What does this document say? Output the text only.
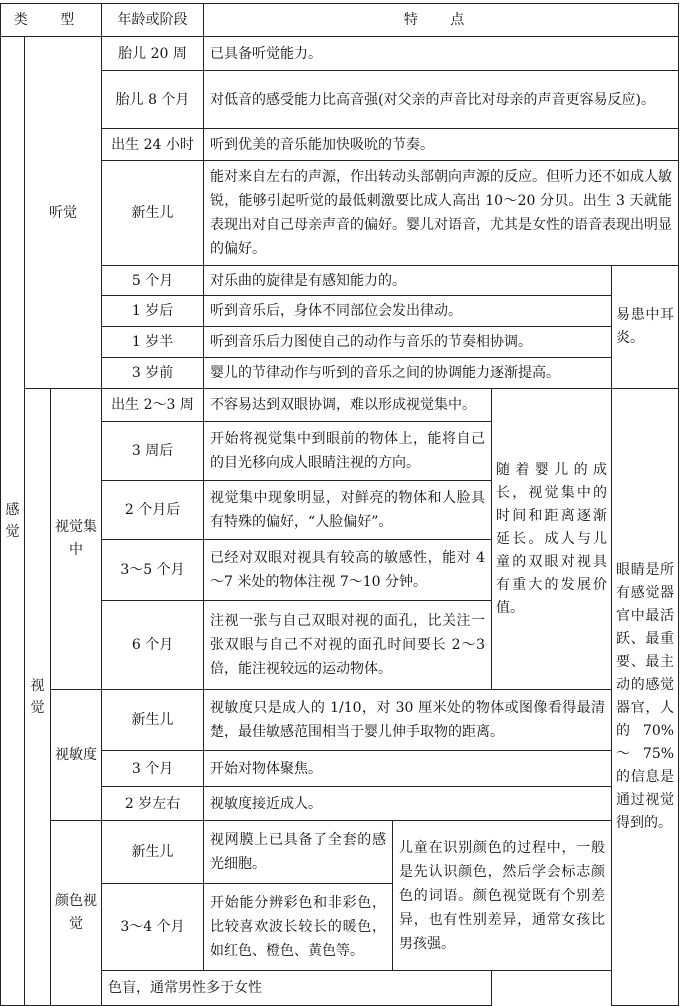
类 型			年龄或阶段	特 点			
感觉	听觉		胎儿 20 周	已具备听觉能力。			
			胎儿 8 个月	对低音的感受能力比高音强(对父亲的声音比对母亲的声音更容易反应)。			
			出生 24 小时	听到优美的音乐能加快吸吮的节奏。			
			新生儿	能对来自左右的声源，作出转动头部朝向声源的反应。但听力还不如成人敏锐，能够引起听觉的最低刺激要比成人高出 10～20 分贝。出生 3 天就能表现出对自己母亲声音的偏好。婴儿对语音，尤其是女性的语音表现出明显的偏好。			
			5 个月	对乐曲的旋律是有感知能力的。			易患中耳炎。
			1 岁后	听到音乐后，身体不同部位会发出律动。			
			1 岁半	听到音乐后力图使自己的动作与音乐的节奏相协调。			
			3 岁前	婴儿的节律动作与听到的音乐之间的协调能力逐渐提高。			
	视觉	视觉集中	出生 2～3 周	不容易达到双眼协调，难以形成视觉集中。		随着婴儿的成长，视觉集中的时间和距离逐渐延长。成人与儿童的双眼对视具有重大的发展价值。	眼睛是所有感觉器官中最活跃、最重要、最主动的感觉器官，人的 70%～75% 的信息是通过视觉得到的。
			3 周后	开始将视觉集中到眼前的物体上，能将自己的目光移向成人眼睛注视的方向。			
			2 个月后	视觉集中现象明显，对鲜亮的物体和人脸具有特殊的偏好，“人脸偏好”。			
			3～5 个月	已经对双眼对视具有较高的敏感性，能对 4～7 米处的物体注视 7～10 分钟。			
			6 个月	注视一张与自己双眼对视的面孔，比关注一张双眼与自己不对视的面孔时间要长 2～3 倍，能注视较远的运动物体。			
		视敏度	新生儿	视敏度只是成人的 1/10，对 30 厘米处的物体或图像看得最清楚，最佳敏感范围相当于婴儿伸手取物的距离。			
			3 个月	开始对物体聚焦。			
			2 岁左右	视敏度接近成人。			
		颜色视觉	新生儿	视网膜上已具备了全套的感光细胞。	儿童在识别颜色的过程中，一般是先认识颜色，然后学会标志颜色的词语。颜色视觉既有个别差异，也有性别差异，通常女孩比男孩强。		

			3～4 个月	开始能分辨彩色和非彩色，比较喜欢波长较长的暖色，如红色、橙色、黄色等。			

			色盲，通常男性多于女性				
